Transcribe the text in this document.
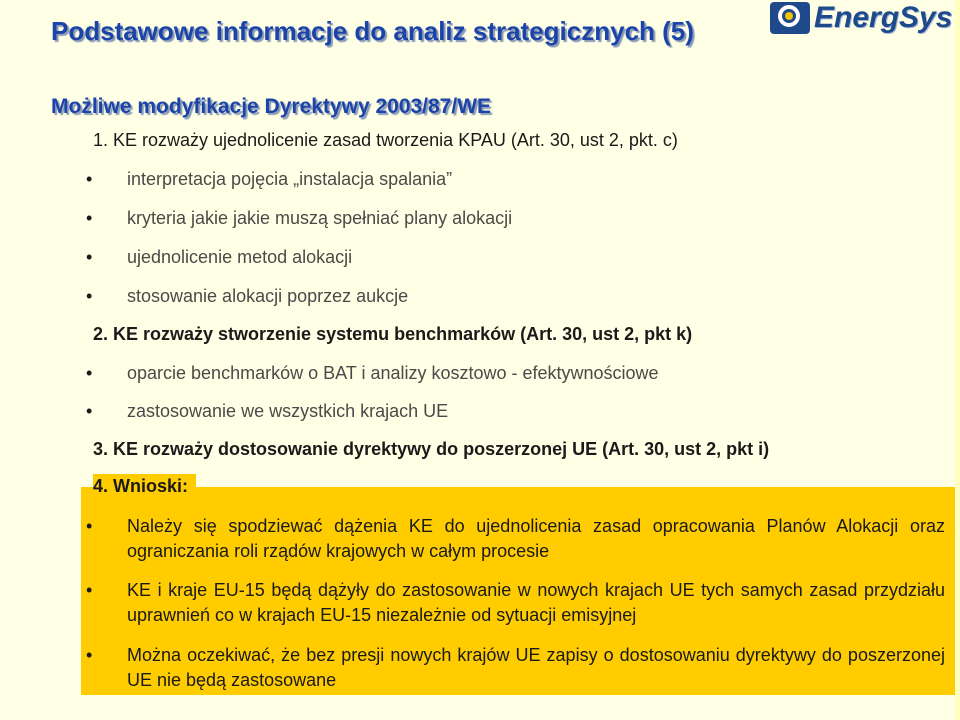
EnergSys
Podstawowe informacje do analiz strategicznych (5)
Możliwe modyfikacje Dyrektywy 2003/87/WE
1. KE rozważy ujednolicenie zasad tworzenia KPAU (Art. 30, ust 2, pkt. c)
• interpretacja pojęcia „instalacja spalania”
• kryteria jakie jakie muszą spełniać plany alokacji
• ujednolicenie metod alokacji
• stosowanie alokacji poprzez aukcje
2. KE rozważy stworzenie systemu benchmarków (Art. 30, ust 2, pkt k)
• oparcie benchmarków o BAT i analizy kosztowo - efektywnościowe
• zastosowanie we wszystkich krajach UE
3. KE rozważy dostosowanie dyrektywy do poszerzonej UE (Art. 30, ust 2, pkt i)
4. Wnioski:
• Należy się spodziewać dążenia KE do ujednolicenia zasad opracowania Planów Alokacji oraz ograniczania roli rządów krajowych w całym procesie
• KE i kraje EU-15 będą dążyły do zastosowanie w nowych krajach UE tych samych zasad przydziału uprawnień co w krajach EU-15 niezależnie od sytuacji emisyjnej
• Można oczekiwać, że bez presji nowych krajów UE zapisy o dostosowaniu dyrektywy do poszerzonej UE nie będą zastosowane
